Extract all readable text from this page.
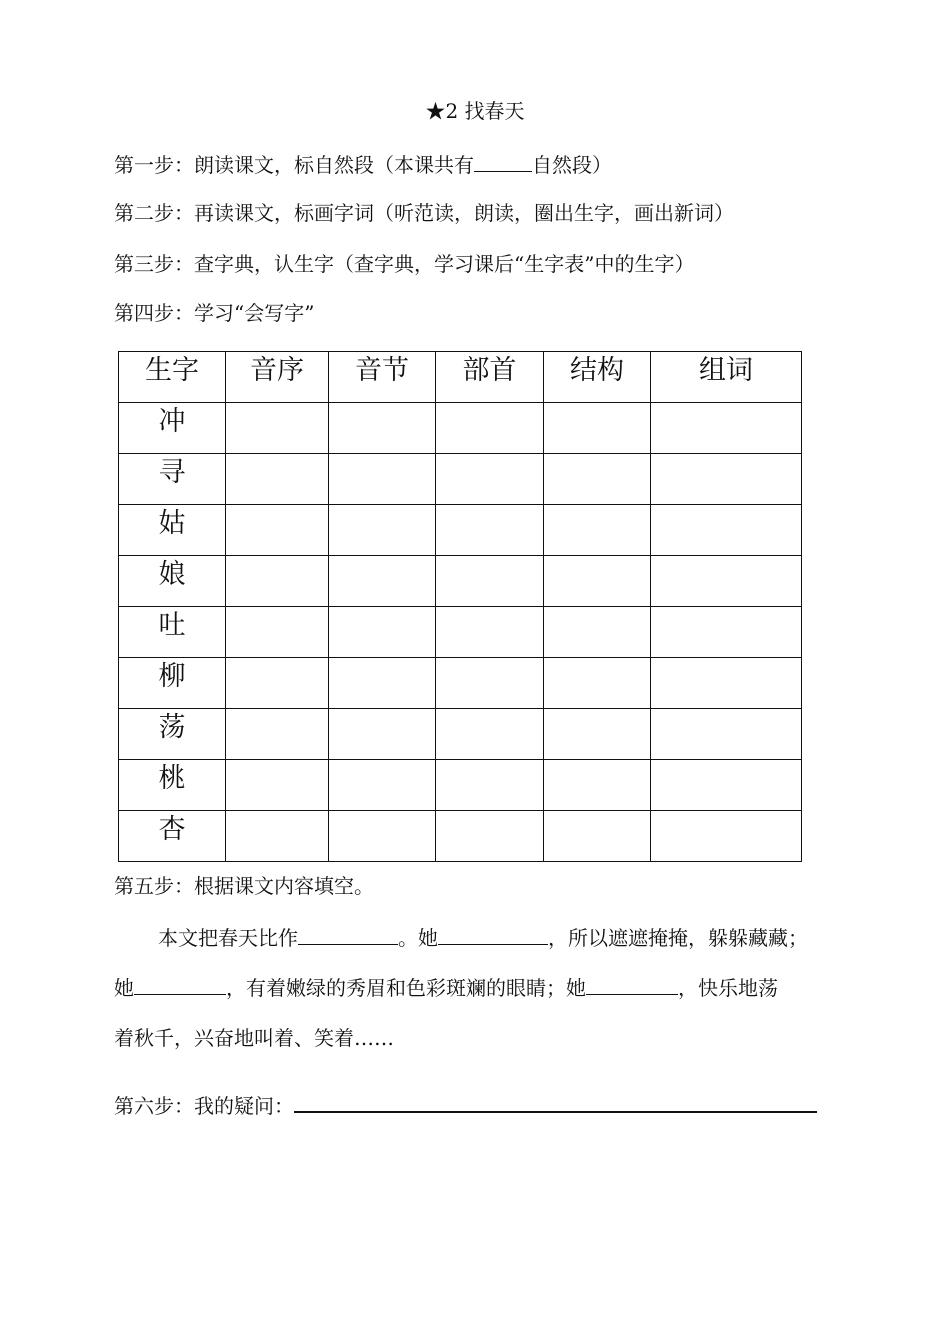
★2 找春天
第一步：朗读课文，标自然段（本课共有	自然段）
第二步：再读课文，标画字词（听范读，朗读，圈出生字，画出新词）
第三步：查字典，认生字（查字典，学习课后“生字表”中的生字）
第四步：学习“会写字”
生字	音序	音节	部首	结构	组词

冲					

寻					

姑					

娘					

吐					

柳					

荡					

桃					

杏					

第五步：根据课文内容填空。
本文把春天比作	。她	，所以遮遮掩掩，躲躲藏藏；
她	，有着嫩绿的秀眉和色彩斑斓的眼睛；她	，快乐地荡
着秋千，兴奋地叫着、笑着……
第六步：我的疑问：
